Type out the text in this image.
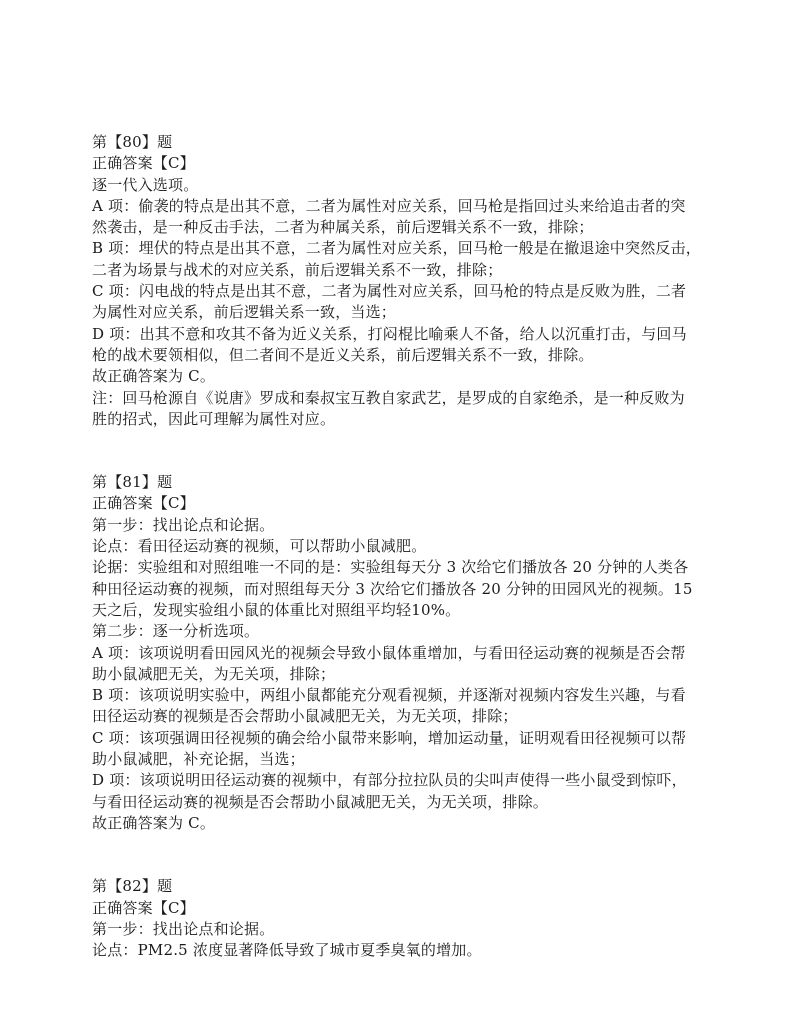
第【80】题
正确答案【C】
逐一代入选项。
A 项：偷袭的特点是出其不意，二者为属性对应关系，回马枪是指回过头来给追击者的突
然袭击，是一种反击手法，二者为种属关系，前后逻辑关系不一致，排除；
B 项：埋伏的特点是出其不意，二者为属性对应关系，回马枪一般是在撤退途中突然反击，
二者为场景与战术的对应关系，前后逻辑关系不一致，排除；
C 项：闪电战的特点是出其不意，二者为属性对应关系，回马枪的特点是反败为胜，二者
为属性对应关系，前后逻辑关系一致，当选；
D 项：出其不意和攻其不备为近义关系，打闷棍比喻乘人不备，给人以沉重打击，与回马
枪的战术要领相似，但二者间不是近义关系，前后逻辑关系不一致，排除。
故正确答案为 C。
注：回马枪源自《说唐》罗成和秦叔宝互教自家武艺，是罗成的自家绝杀，是一种反败为
胜的招式，因此可理解为属性对应。
第【81】题
正确答案【C】
第一步：找出论点和论据。
论点：看田径运动赛的视频，可以帮助小鼠减肥。
论据：实验组和对照组唯一不同的是：实验组每天分 3 次给它们播放各 20 分钟的人类各
种田径运动赛的视频，而对照组每天分 3 次给它们播放各 20 分钟的田园风光的视频。15
天之后，发现实验组小鼠的体重比对照组平均轻10%。
第二步：逐一分析选项。
A 项：该项说明看田园风光的视频会导致小鼠体重增加，与看田径运动赛的视频是否会帮
助小鼠减肥无关，为无关项，排除；
B 项：该项说明实验中，两组小鼠都能充分观看视频，并逐渐对视频内容发生兴趣，与看
田径运动赛的视频是否会帮助小鼠减肥无关，为无关项，排除；
C 项：该项强调田径视频的确会给小鼠带来影响，增加运动量，证明观看田径视频可以帮
助小鼠减肥，补充论据，当选；
D 项：该项说明田径运动赛的视频中，有部分拉拉队员的尖叫声使得一些小鼠受到惊吓，
与看田径运动赛的视频是否会帮助小鼠减肥无关，为无关项，排除。
故正确答案为 C。
第【82】题
正确答案【C】
第一步：找出论点和论据。
论点：PM2.5 浓度显著降低导致了城市夏季臭氧的增加。
